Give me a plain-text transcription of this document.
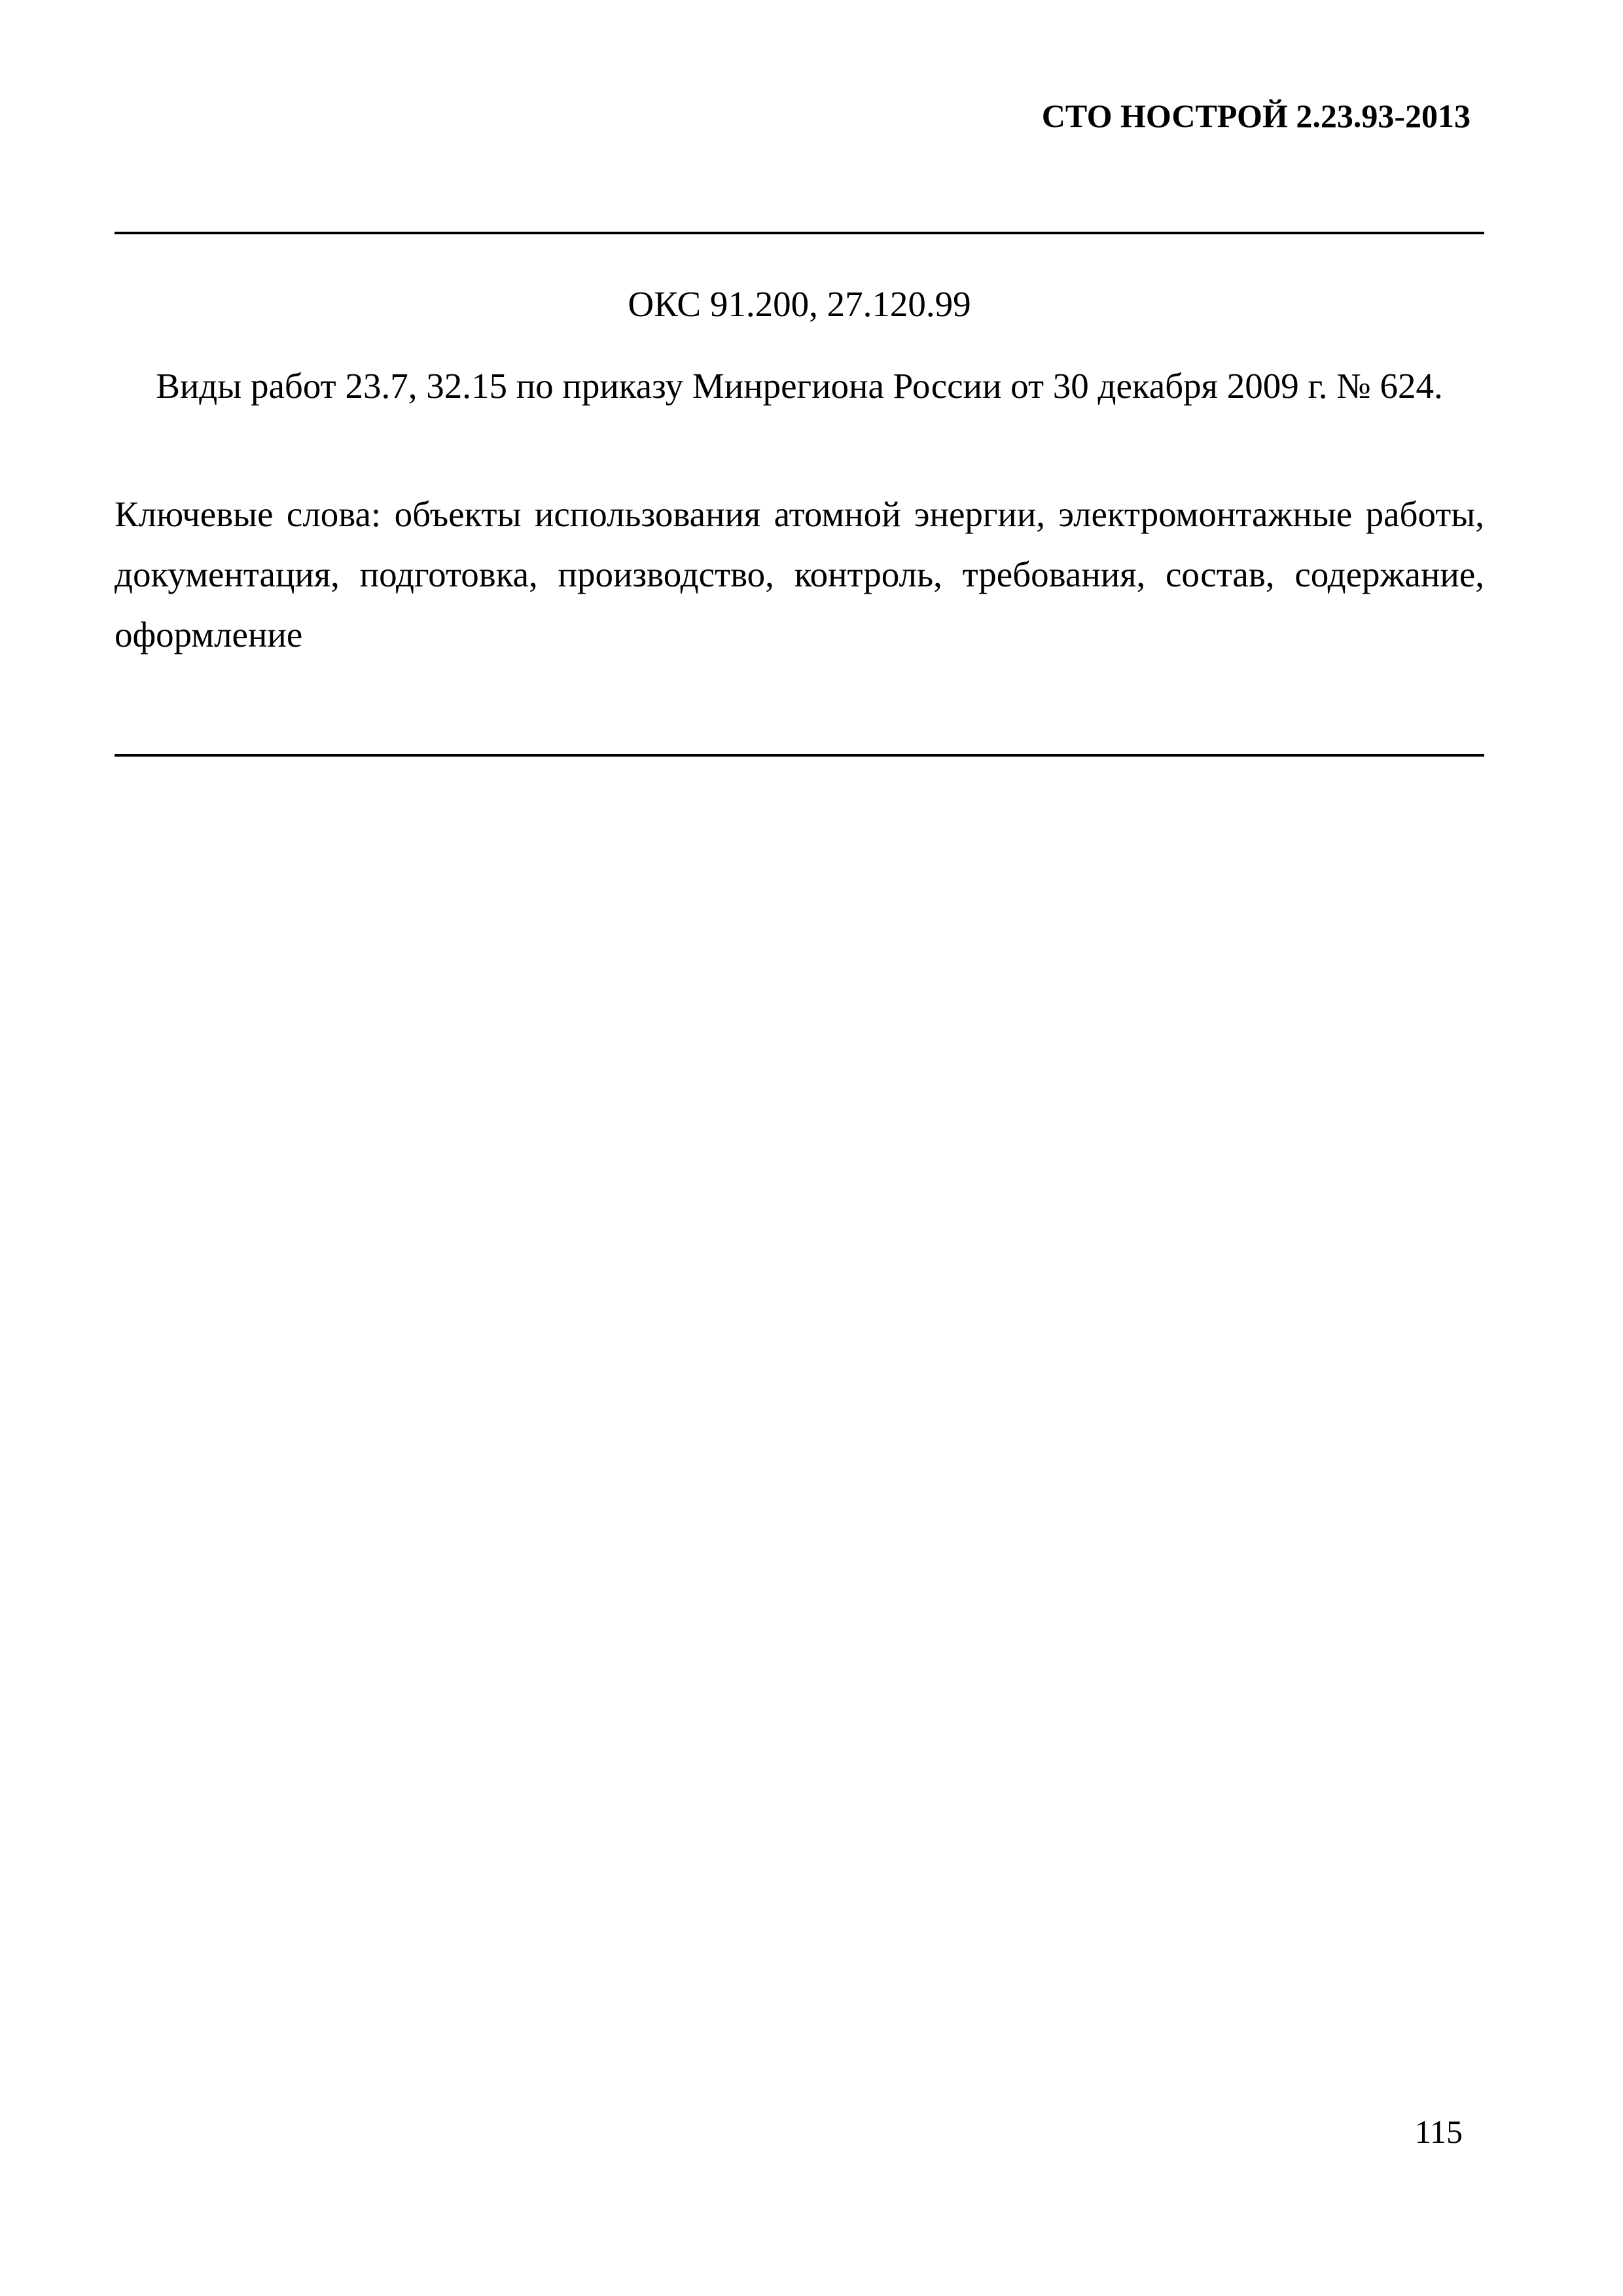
СТО НОСТРОЙ 2.23.93-2013
ОКС 91.200, 27.120.99
Виды работ 23.7, 32.15 по приказу Минрегиона России от 30 декабря 2009 г. № 624.

Ключевые слова: объекты использования атомной энергии, электромонтажные работы, документация, подготовка, производство, контроль, требования, состав, содержание, оформление

115
